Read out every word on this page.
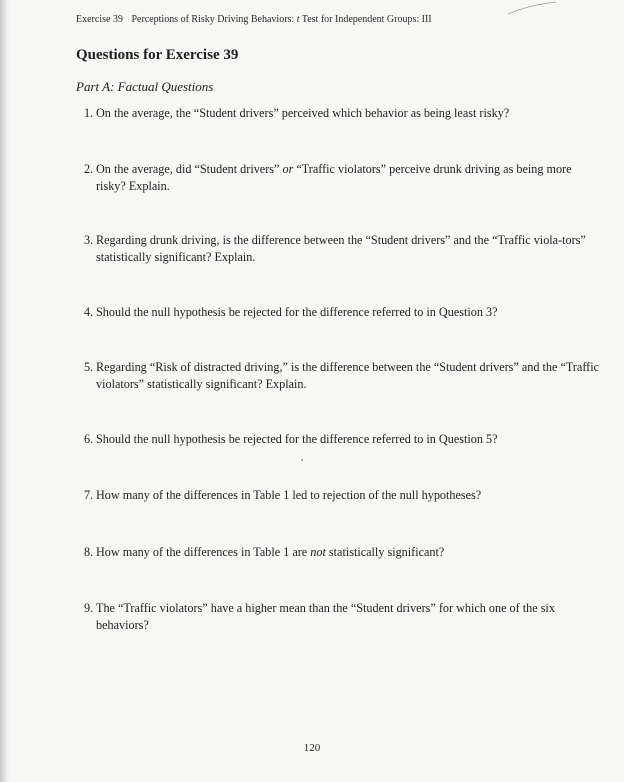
Exercise 39 Perceptions of Risky Driving Behaviors: t Test for Independent Groups: III
Questions for Exercise 39
Part A: Factual Questions
1. On the average, the “Student drivers” perceived which behavior as being least risky?
2. On the average, did “Student drivers” or “Traffic violators” perceive drunk driving as being more risky? Explain.
3. Regarding drunk driving, is the difference between the “Student drivers” and the “Traffic viola-tors” statistically significant? Explain.
4. Should the null hypothesis be rejected for the difference referred to in Question 3?
5. Regarding “Risk of distracted driving,” is the difference between the “Student drivers” and the “Traffic violators” statistically significant? Explain.
6. Should the null hypothesis be rejected for the difference referred to in Question 5?
7. How many of the differences in Table 1 led to rejection of the null hypotheses?
8. How many of the differences in Table 1 are not statistically significant?
9. The “Traffic violators” have a higher mean than the “Student drivers” for which one of the six behaviors?
120
